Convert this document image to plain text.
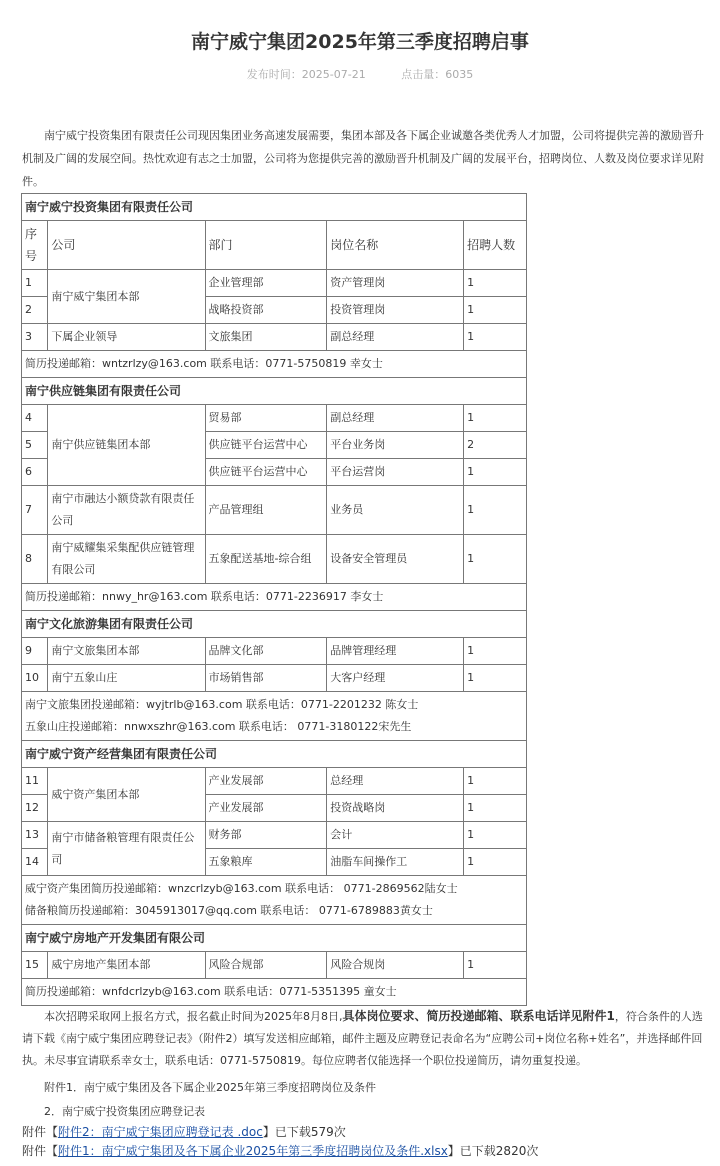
南宁威宁集团2025年第三季度招聘启事
发布时间：2025-07-21	点击量：6035
南宁威宁投资集团有限责任公司现因集团业务高速发展需要，集团本部及各下属企业诚邀各类优秀人才加盟，公司将提供完善的激励晋升机制及广阔的发展空间。热忱欢迎有志之士加盟，公司将为您提供完善的激励晋升机制及广阔的发展平台，招聘岗位、人数及岗位要求详见附件。
南宁威宁投资集团有限责任公司				
序号	公司	部门	岗位名称	招聘人数
1	南宁威宁集团本部	企业管理部	资产管理岗	1
2		战略投资部	投资管理岗	1
3	下属企业领导	文旅集团	副总经理	1
简历投递邮箱：wntzrlzy@163.com 联系电话：0771-5750819 幸女士				
南宁供应链集团有限责任公司				
4	南宁供应链集团本部	贸易部	副总经理	1
5		供应链平台运营中心	平台业务岗	2
6		供应链平台运营中心	平台运营岗	1
7	南宁市融达小额贷款有限责任公司	产品管理组	业务员	1
8	南宁威耀集采集配供应链管理有限公司	五象配送基地-综合组	设备安全管理员	1
简历投递邮箱：nnwy_hr@163.com 联系电话：0771-2236917 李女士				
南宁文化旅游集团有限责任公司				
9	南宁文旅集团本部	品牌文化部	品牌管理经理	1
10	南宁五象山庄	市场销售部	大客户经理	1

南宁文旅集团投递邮箱：wyjtrlb@163.com 联系电话：0771-2201232 陈女士
五象山庄投递邮箱：nnwxszhr@163.com 联系电话： 0771-3180122宋先生				

南宁威宁资产经营集团有限责任公司				
11	威宁资产集团本部	产业发展部	总经理	1
12		产业发展部	投资战略岗	1
13	南宁市储备粮管理有限责任公司	财务部	会计	1
14		五象粮库	油脂车间操作工	1

威宁资产集团简历投递邮箱：wnzcrlzyb@163.com 联系电话： 0771-2869562陆女士
储备粮简历投递邮箱：3045913017@qq.com 联系电话： 0771-6789883黄女士				

南宁威宁房地产开发集团有限公司				
15	威宁房地产集团本部	风险合规部	风险合规岗	1
简历投递邮箱：wnfdcrlzyb@163.com 联系电话：0771-5351395 童女士				
本次招聘采取网上报名方式，报名截止时间为2025年8月8日,具体岗位要求、简历投递邮箱、联系电话详见附件1，符合条件的人选请下载《南宁威宁集团应聘登记表》（附件2）填写发送相应邮箱，邮件主题及应聘登记表命名为“应聘公司+岗位名称+姓名”，并选择邮件回执。未尽事宜请联系幸女士，联系电话：0771-5750819。每位应聘者仅能选择一个职位投递简历，请勿重复投递。
附件1．南宁威宁集团及各下属企业2025年第三季度招聘岗位及条件
2．南宁威宁投资集团应聘登记表
附件【附件2：南宁威宁集团应聘登记表 .doc】已下载579次
附件【附件1：南宁威宁集团及各下属企业2025年第三季度招聘岗位及条件.xlsx】已下载2820次
